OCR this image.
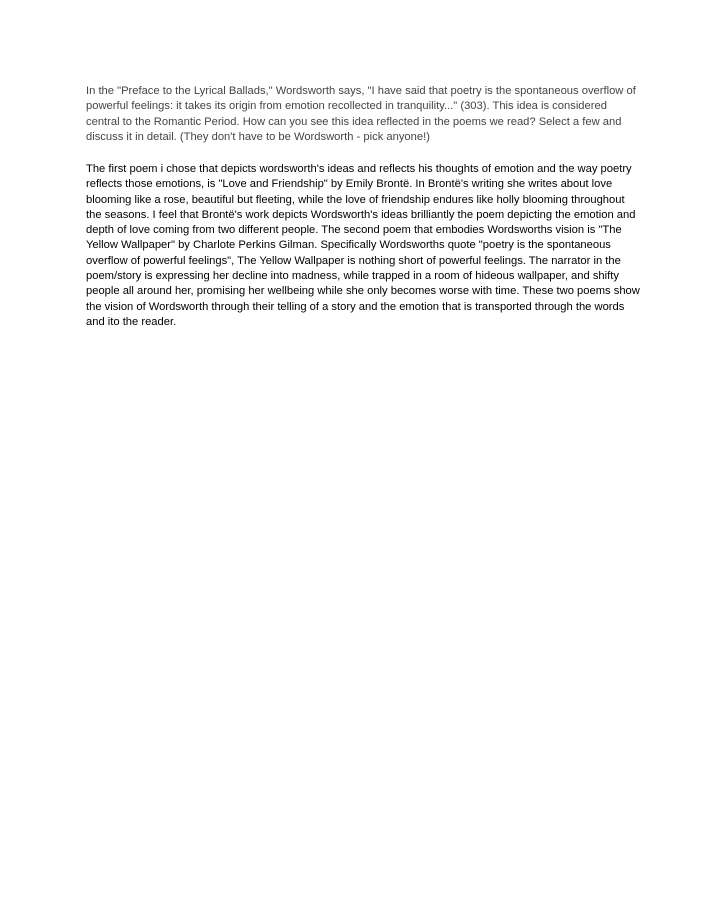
In the "Preface to the Lyrical Ballads," Wordsworth says, "I have said that poetry is the spontaneous overflow of powerful feelings: it takes its origin from emotion recollected in tranquility..." (303). This idea is considered central to the Romantic Period. How can you see this idea reflected in the poems we read? Select a few and discuss it in detail. (They don't have to be Wordsworth - pick anyone!)

The first poem i chose that depicts wordsworth's ideas and reflects his thoughts of emotion and the way poetry reflects those emotions, is "Love and Friendship" by Emily Brontë. In Brontë's writing she writes about love blooming like a rose, beautiful but fleeting, while the love of friendship endures like holly blooming throughout the seasons. I feel that Brontë's work depicts Wordsworth's ideas brilliantly the poem depicting the emotion and depth of love coming from two different people. The second poem that embodies Wordsworths vision is "The Yellow Wallpaper" by Charlote Perkins Gilman. Specifically Wordsworths quote "poetry is the spontaneous overflow of powerful feelings", The Yellow Wallpaper is nothing short of powerful feelings. The narrator in the poem/story is expressing her decline into madness, while trapped in a room of hideous wallpaper, and shifty people all around her, promising her wellbeing while she only becomes worse with time. These two poems show the vision of Wordsworth through their telling of a story and the emotion that is transported through the words and ito the reader.
